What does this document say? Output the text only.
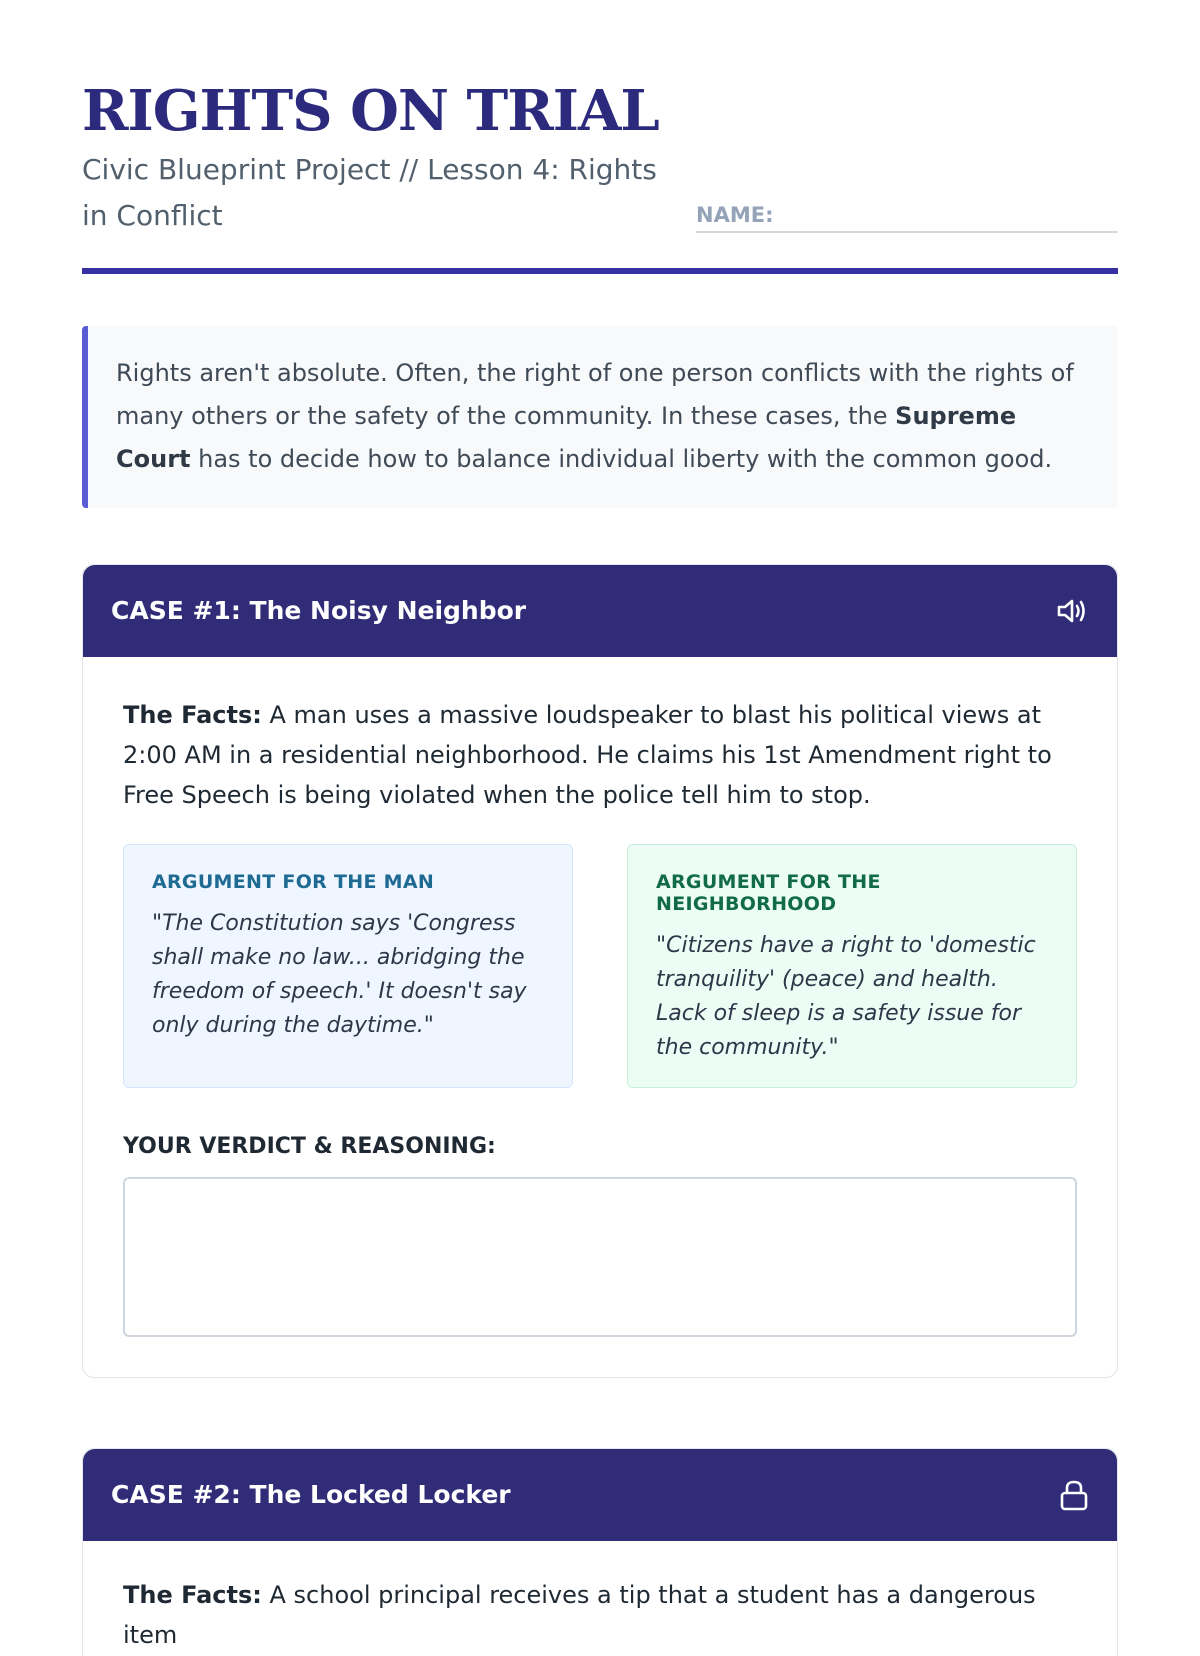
RIGHTS ON TRIAL

Civic Blueprint Project // Lesson 4: Rights in Conflict	NAME:
Rights aren't absolute. Often, the right of one person conflicts with the rights of many others or the safety of the community. In these cases, the Supreme Court has to decide how to balance individual liberty with the common good.
CASE #1: The Noisy Neighbor

The Facts: A man uses a massive loudspeaker to blast his political views at 2:00 AM in a residential neighborhood. He claims his 1st Amendment right to Free Speech is being violated when the police tell him to stop.

ARGUMENT FOR THE MAN
"The Constitution says 'Congress shall make no law... abridging the freedom of speech.' It doesn't say only during the daytime."
ARGUMENT FOR THE NEIGHBORHOOD
"Citizens have a right to 'domestic tranquility' (peace) and health. Lack of sleep is a safety issue for the community."
YOUR VERDICT & REASONING:
CASE #2: The Locked Locker

The Facts: A school principal receives a tip that a student has a dangerous item
